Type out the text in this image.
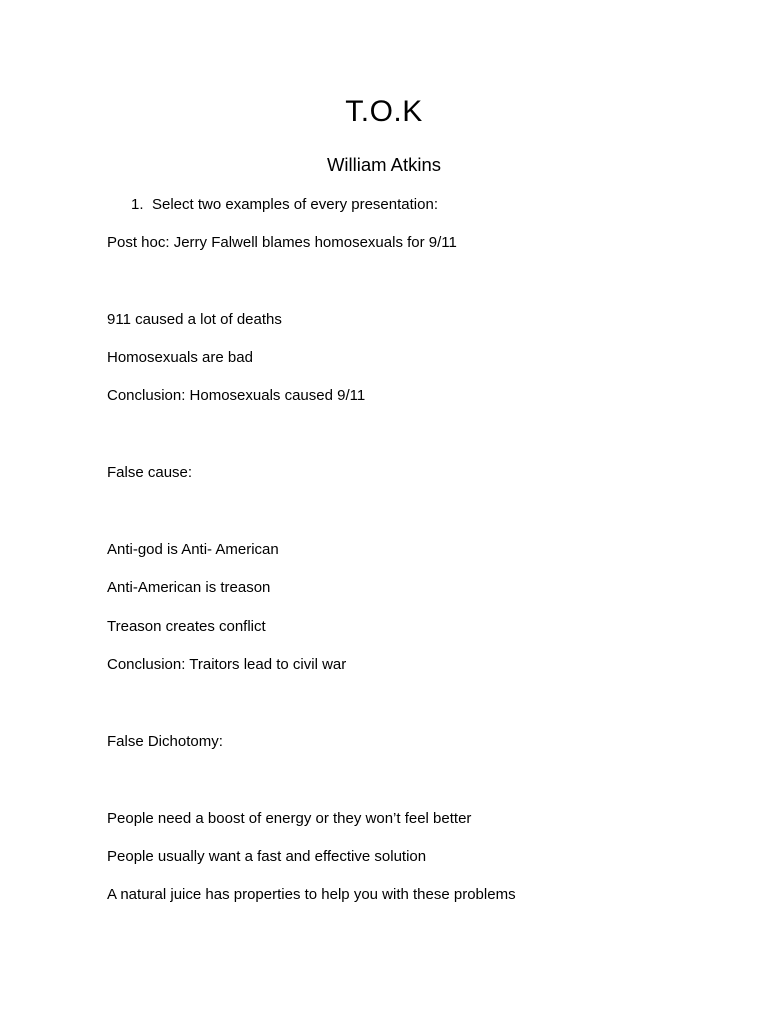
T.O.K
William Atkins
1. Select two examples of every presentation:
Post hoc: Jerry Falwell blames homosexuals for 9/11
911 caused a lot of deaths
Homosexuals are bad
Conclusion: Homosexuals caused 9/11
False cause:
Anti-god is Anti- American
Anti-American is treason
Treason creates conflict
Conclusion: Traitors lead to civil war
False Dichotomy:
People need a boost of energy or they won’t feel better
People usually want a fast and effective solution
A natural juice has properties to help you with these problems
